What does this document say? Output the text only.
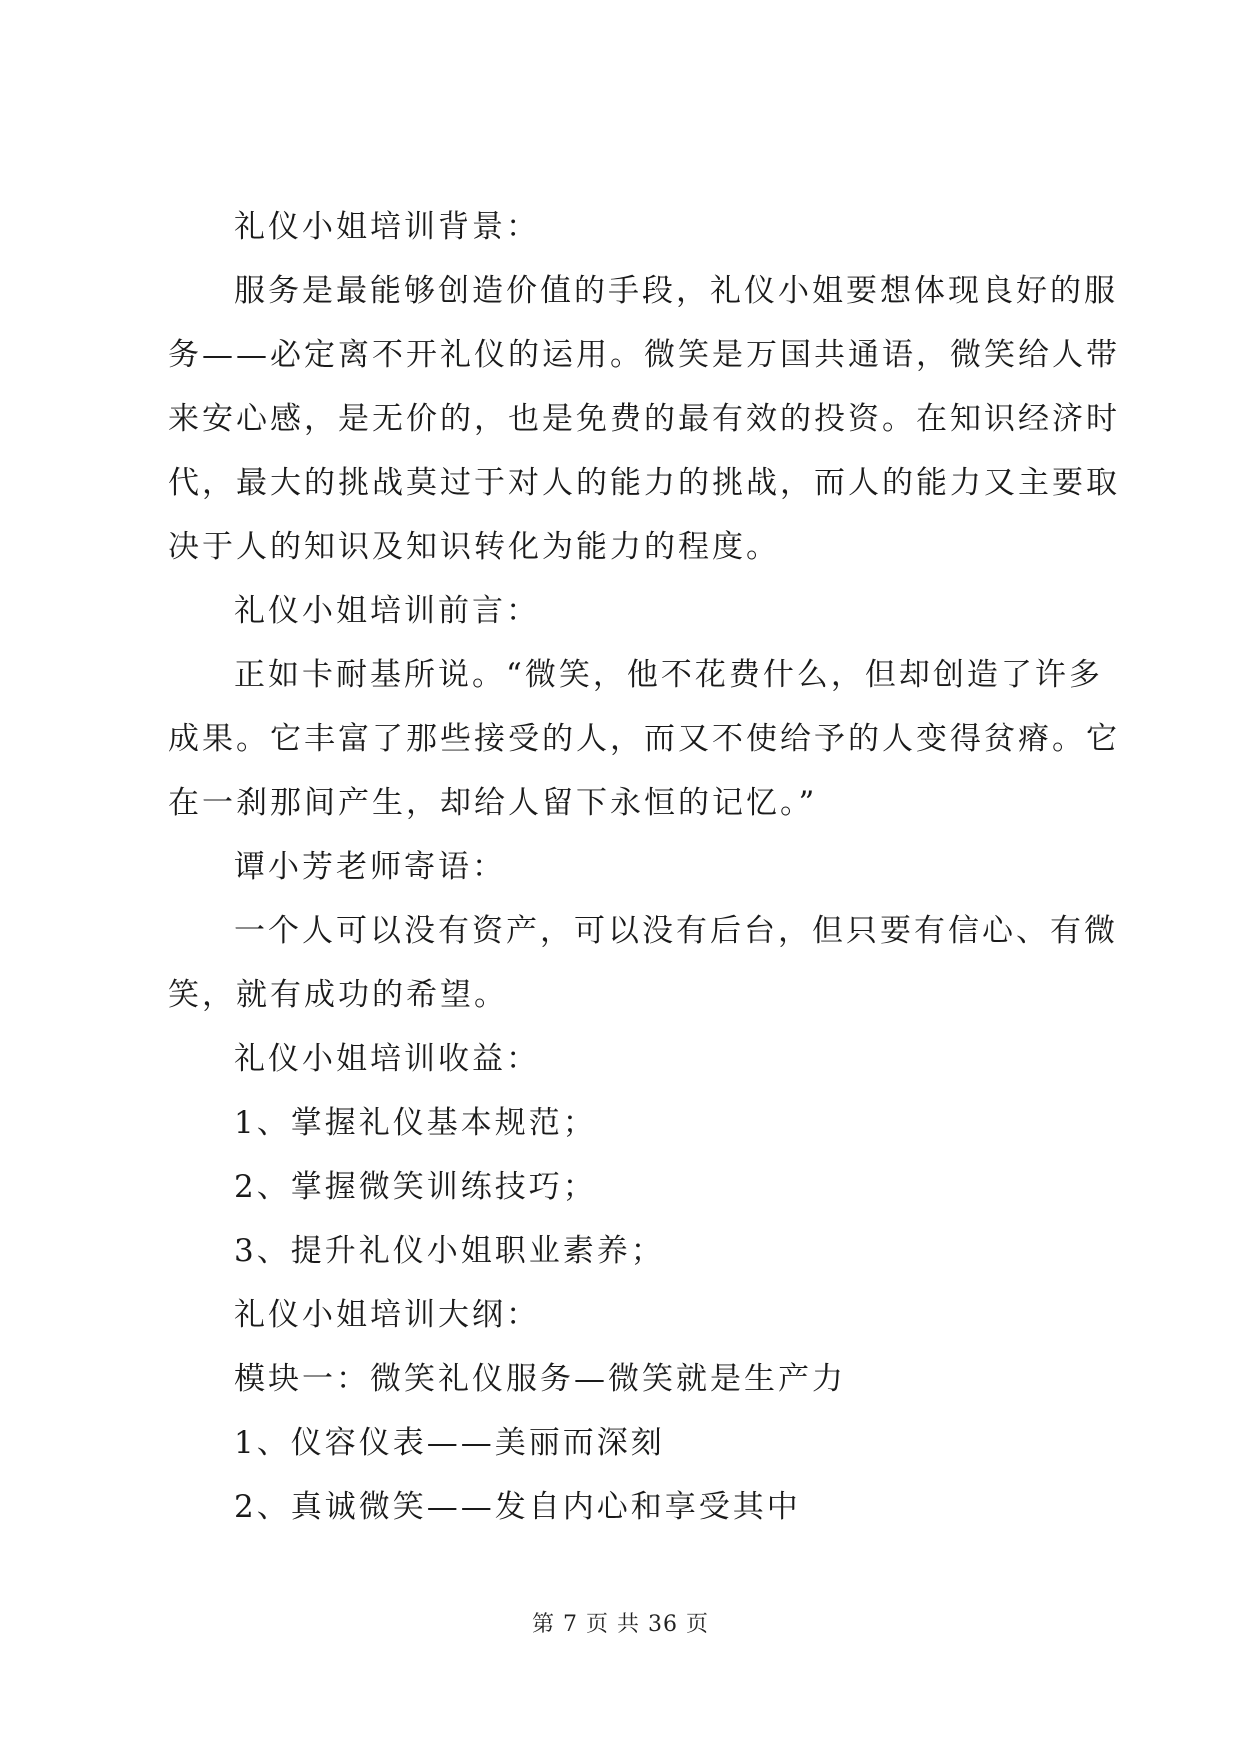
礼仪小姐培训背景：
服务是最能够创造价值的手段，礼仪小姐要想体现良好的服
务——必定离不开礼仪的运用。微笑是万国共通语，微笑给人带
来安心感，是无价的，也是免费的最有效的投资。在知识经济时
代，最大的挑战莫过于对人的能力的挑战，而人的能力又主要取
决于人的知识及知识转化为能力的程度。
礼仪小姐培训前言：
正如卡耐基所说。“微笑，他不花费什么，但却创造了许多
成果。它丰富了那些接受的人，而又不使给予的人变得贫瘠。它
在一刹那间产生，却给人留下永恒的记忆。”
谭小芳老师寄语：
一个人可以没有资产，可以没有后台，但只要有信心、有微
笑，就有成功的希望。
礼仪小姐培训收益：
1、掌握礼仪基本规范；
2、掌握微笑训练技巧；
3、提升礼仪小姐职业素养；
礼仪小姐培训大纲：
模块一：微笑礼仪服务—微笑就是生产力
1、仪容仪表——美丽而深刻
2、真诚微笑——发自内心和享受其中
第 7 页 共 36 页
